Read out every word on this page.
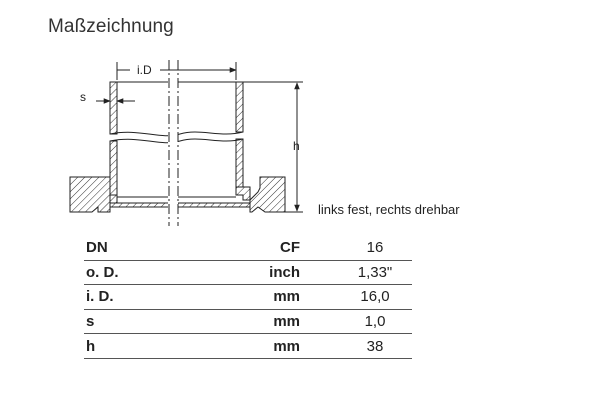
Maßzeichnung
i.D
s
h
links fest, rechts drehbar
DN	CF	16
o. D.	inch	1,33"
i. D.	mm	16,0
s	mm	1,0
h	mm	38
